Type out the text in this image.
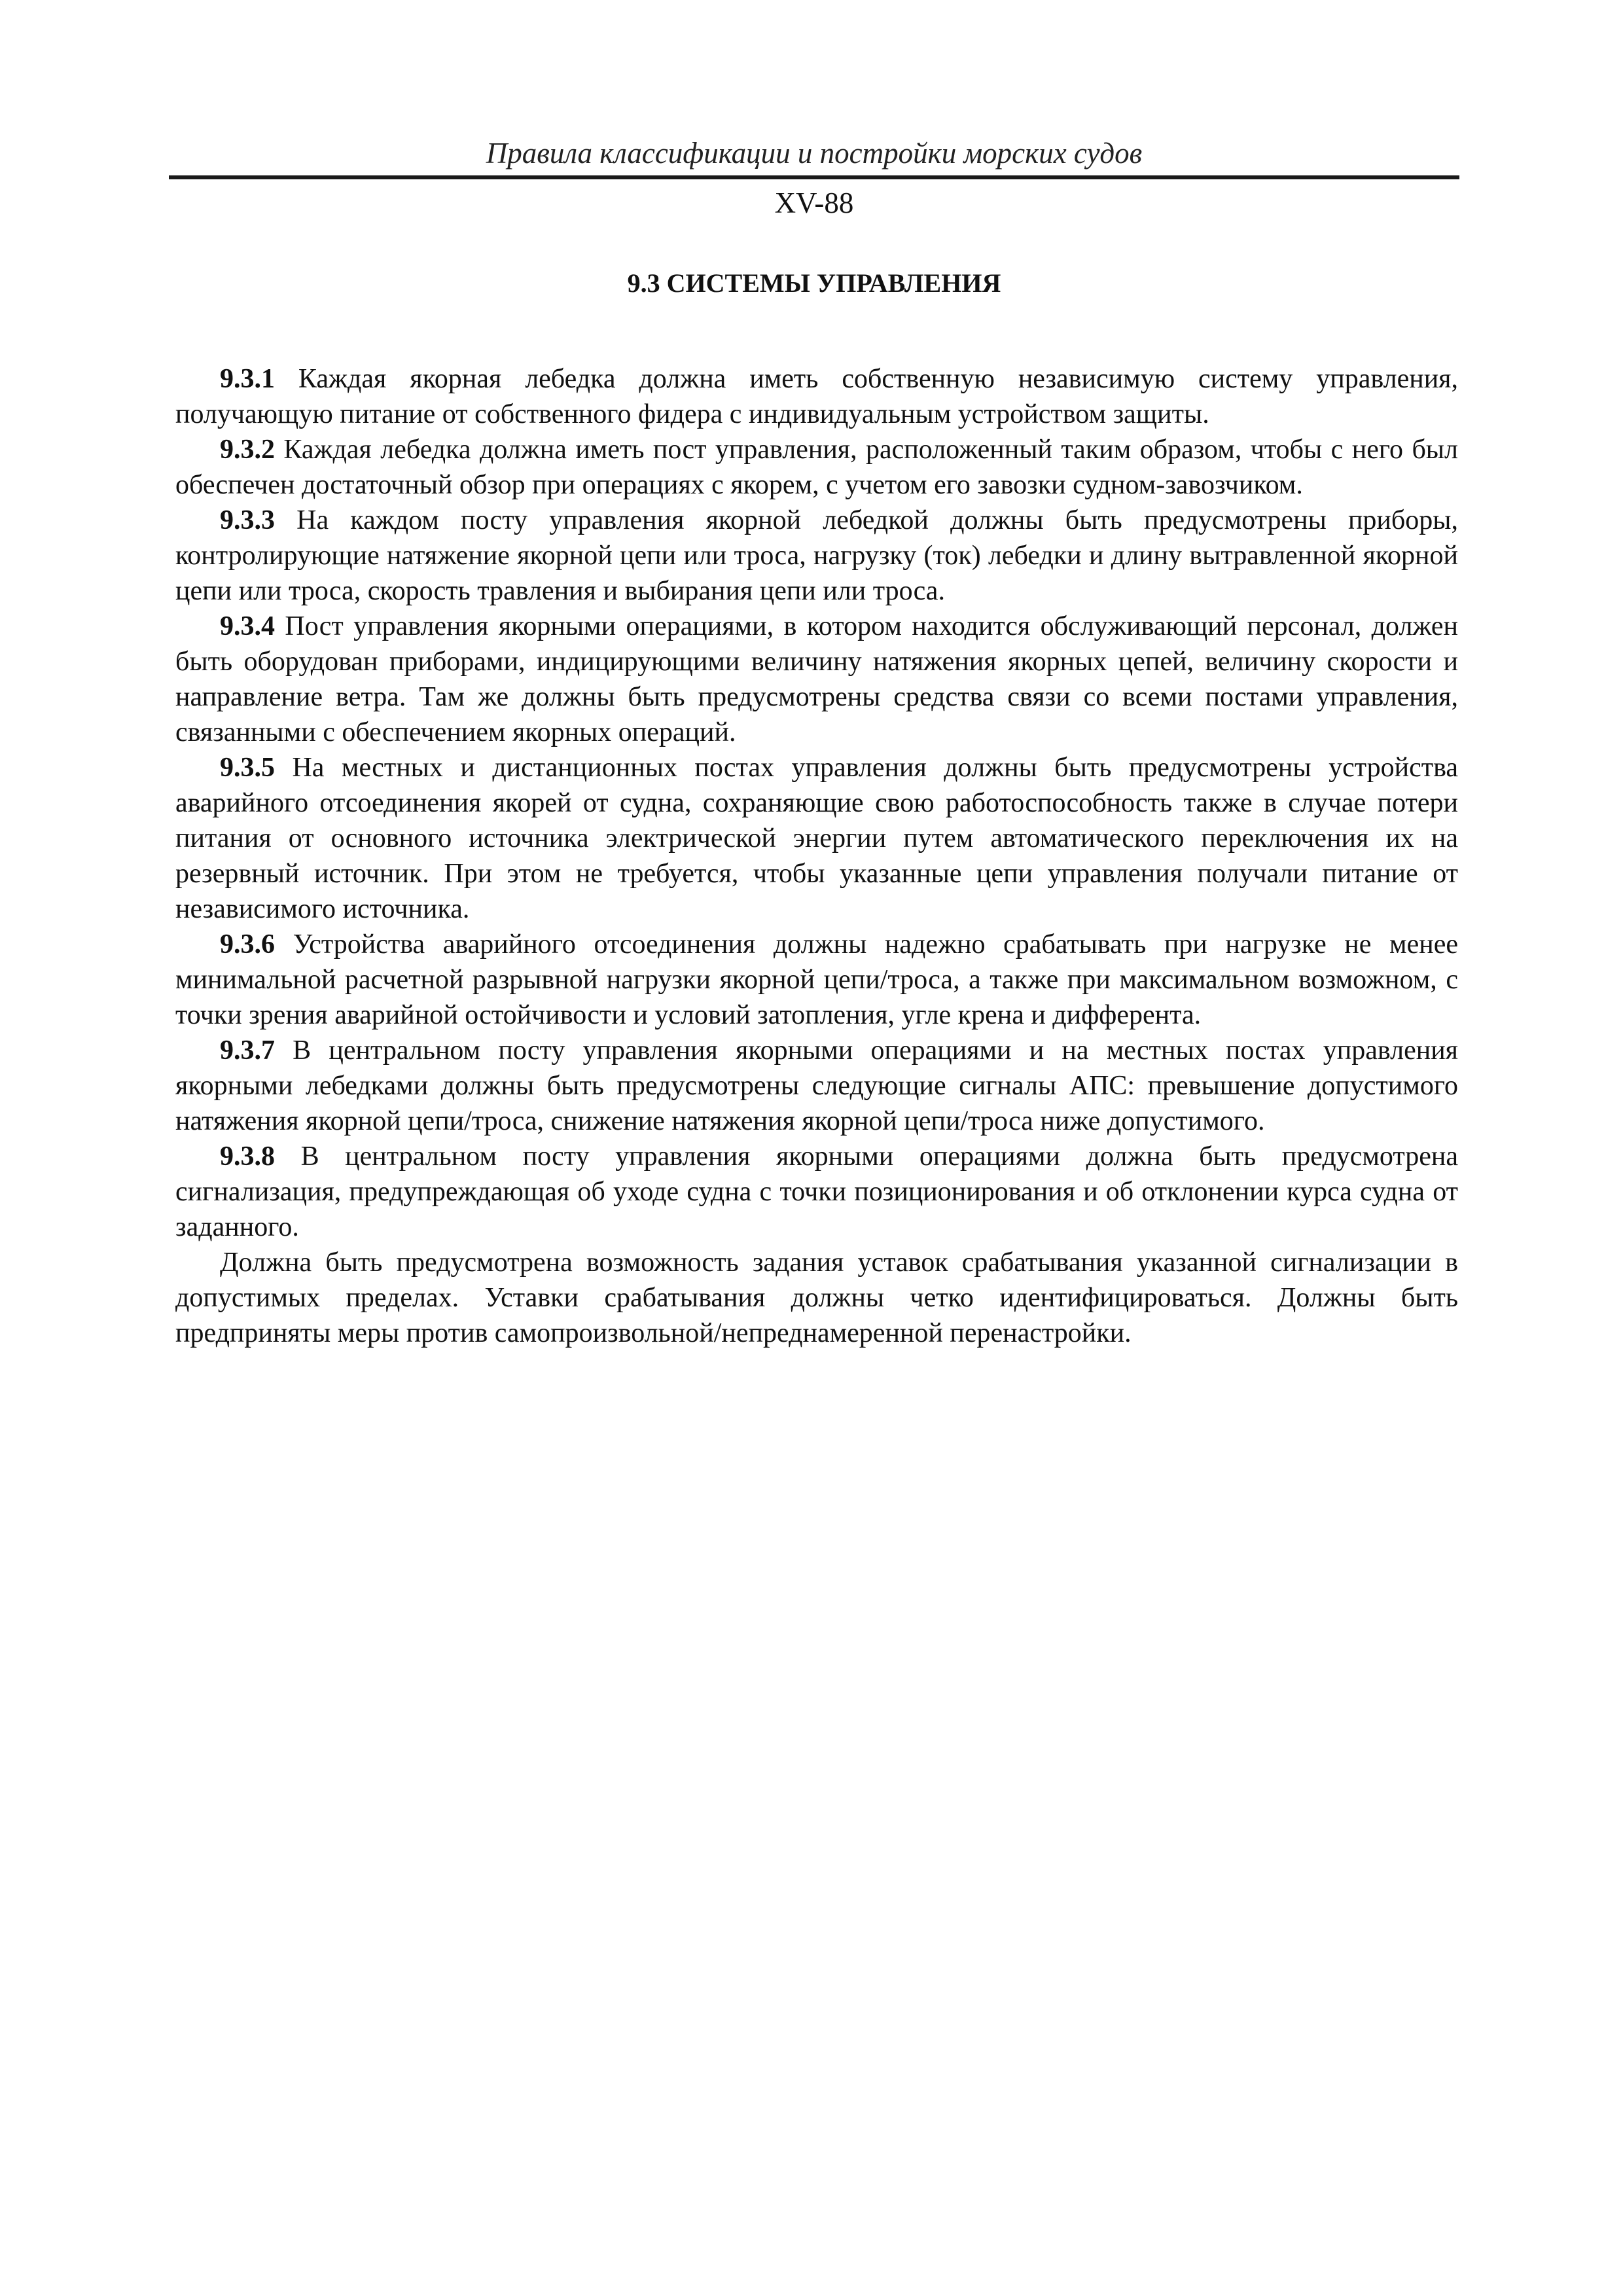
Правила классификации и постройки морских судов
XV-88
9.3 СИСТЕМЫ УПРАВЛЕНИЯ

9.3.1 Каждая якорная лебедка должна иметь собственную независимую систему управления, получающую питание от собственного фидера с индивидуальным устройством защиты.

9.3.2 Каждая лебедка должна иметь пост управления, расположенный таким образом, чтобы с него был обеспечен достаточный обзор при операциях с якорем, с учетом его завозки судном-завозчиком.

9.3.3 На каждом посту управления якорной лебедкой должны быть предусмотрены приборы, контролирующие натяжение якорной цепи или троса, нагрузку (ток) лебедки и длину вытравленной якорной цепи или троса, скорость травления и выбирания цепи или троса.

9.3.4 Пост управления якорными операциями, в котором находится обслуживающий персонал, должен быть оборудован приборами, индицирующими величину натяжения якорных цепей, величину скорости и направление ветра. Там же должны быть предусмотрены средства связи со всеми постами управления, связанными с обеспечением якорных операций.

9.3.5 На местных и дистанционных постах управления должны быть предусмотрены устройства аварийного отсоединения якорей от судна, сохраняющие свою работоспособность также в случае потери питания от основного источника электрической энергии путем автоматического переключения их на резервный источник. При этом не требуется, чтобы указанные цепи управления получали питание от независимого источника.

9.3.6 Устройства аварийного отсоединения должны надежно срабатывать при нагрузке не менее минимальной расчетной разрывной нагрузки якорной цепи/троса, а также при максимальном возможном, с точки зрения аварийной остойчивости и условий затопления, угле крена и дифферента.

9.3.7 В центральном посту управления якорными операциями и на местных постах управления якорными лебедками должны быть предусмотрены следующие сигналы АПС: превышение допустимого натяжения якорной цепи/троса, снижение натяжения якорной цепи/троса ниже допустимого.

9.3.8 В центральном посту управления якорными операциями должна быть предусмотрена сигнализация, предупреждающая об уходе судна с точки позиционирования и об отклонении курса судна от заданного.

Должна быть предусмотрена возможность задания уставок срабатывания указанной сигнализации в допустимых пределах. Уставки срабатывания должны четко идентифицироваться. Должны быть предприняты меры против самопроизвольной/непреднамеренной перенастройки.
